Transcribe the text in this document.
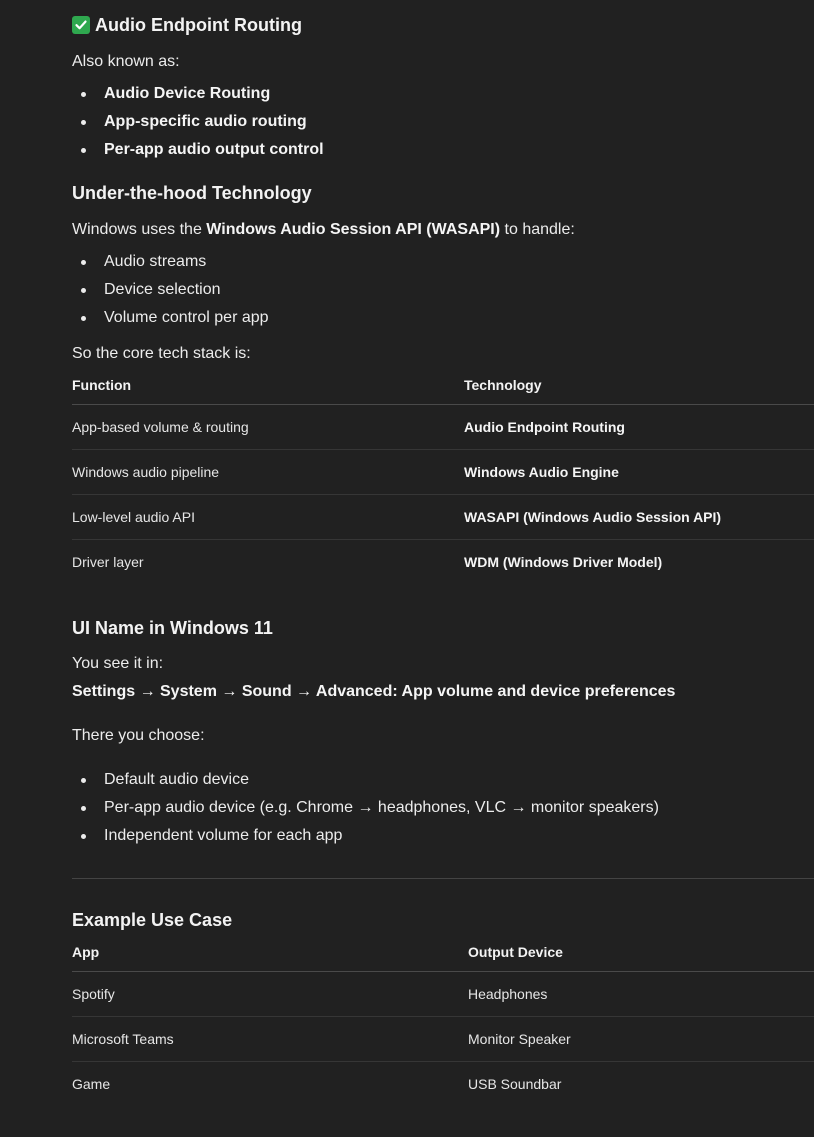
Audio Endpoint Routing
Also known as:
Audio Device Routing
App-specific audio routing
Per-app audio output control
Under-the-hood Technology
Windows uses the Windows Audio Session API (WASAPI) to handle:
Audio streams
Device selection
Volume control per app
So the core tech stack is:
Function	Technology
App-based volume & routing	Audio Endpoint Routing
Windows audio pipeline	Windows Audio Engine
Low-level audio API	WASAPI (Windows Audio Session API)
Driver layer	WDM (Windows Driver Model)
UI Name in Windows 11
You see it in:
Settings → System → Sound → Advanced: App volume and device preferences
There you choose:
Default audio device
Per-app audio device (e.g. Chrome → headphones, VLC → monitor speakers)
Independent volume for each app
Example Use Case
App	Output Device
Spotify	Headphones
Microsoft Teams	Monitor Speaker
Game	USB Soundbar
